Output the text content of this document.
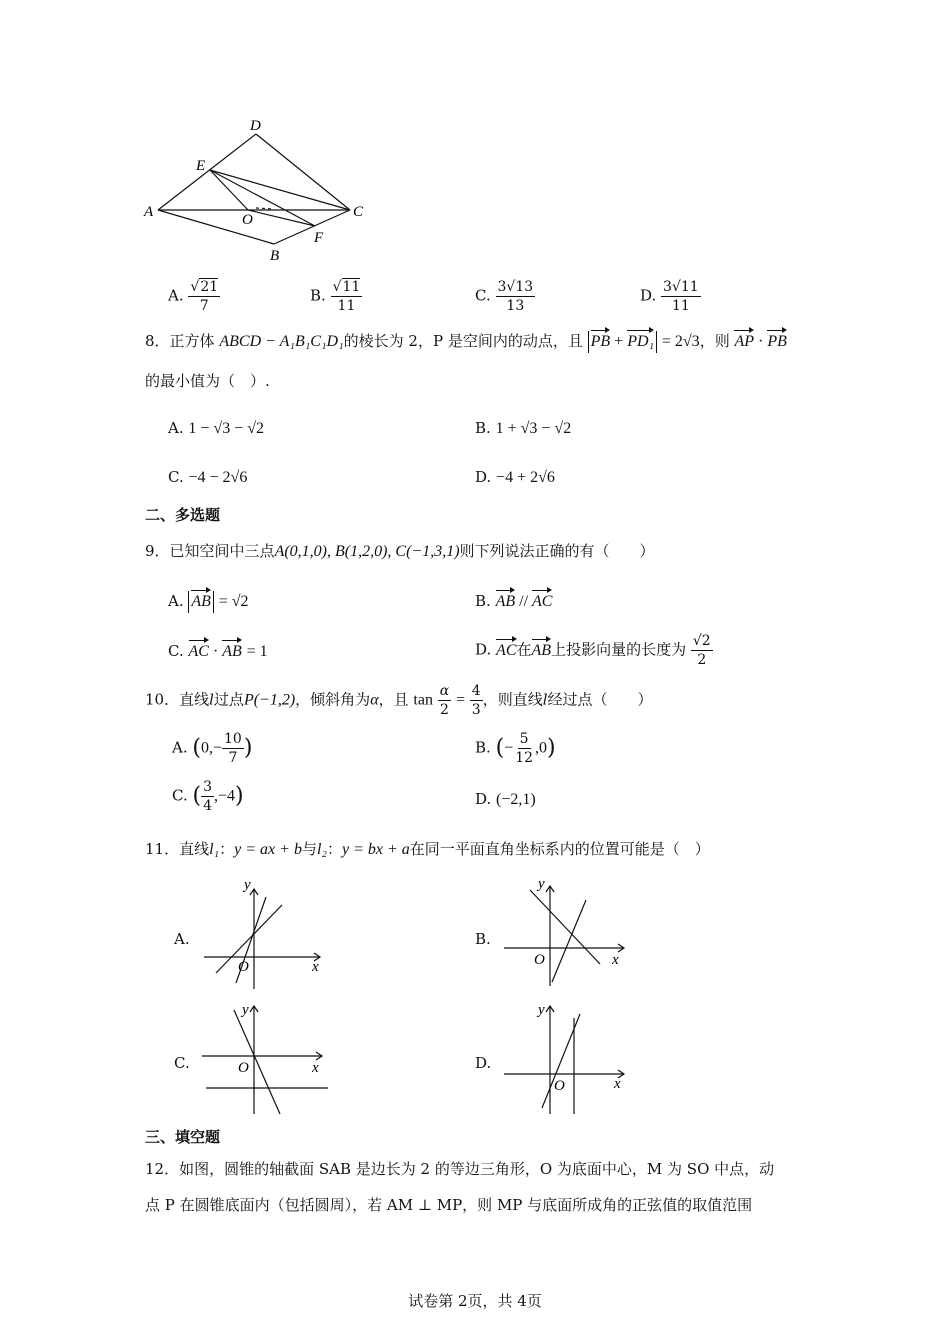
D
E
A	O	C
F
B
A. $\frac{√21}{7}$	B. $\frac{√11}{11}$	C. $\frac{3√13}{13}$	D. $\frac{3√11}{11}$
8．正方体 ABCD − A₁B₁C₁D₁的棱长为 2，P 是空间内的动点，且 PB + PD₁ = 2√3，则 AP · PB
的最小值为（　）.
A. 1 − √3 − √2	B. 1 + √3 − √2
C. −4 − 2√6	D. −4 + 2√6
二、多选题
9．已知空间中三点A(0,1,0), B(1,2,0), C(−1,3,1)则下列说法正确的有（　　）
A. AB = √2	B. AB // AC
C. AC · AB = 1	D. AC在AB上投影向量的长度为 $\frac{√2}{2}$
10．直线l过点P(−1,2)，倾斜角为α，且 $\tan \frac{\alpha}{2} = \frac{4}{3}$ ，则直线l经过点（　　）
A. ($0,- \frac{10}{7}$ )	B. (− $\frac{5}{12} ,0$)
C. ( $\frac{3}{4} ,-4$)	D. (−2,1)
11．直线l₁：y = ax + b与l₂：y = bx + a在同一平面直角坐标系内的位置可能是（　）
A.
y
O	x
B.
y
O	x
C.
y
O	x	D.
y
O	x
三、填空题
12．如图，圆锥的轴截面 SAB 是边长为 2 的等边三角形，O 为底面中心，M 为 SO 中点，动
点 P 在圆锥底面内（包括圆周），若 AM ⊥ MP，则 MP 与底面所成角的正弦值的取值范围
试卷第 2页，共 4页
